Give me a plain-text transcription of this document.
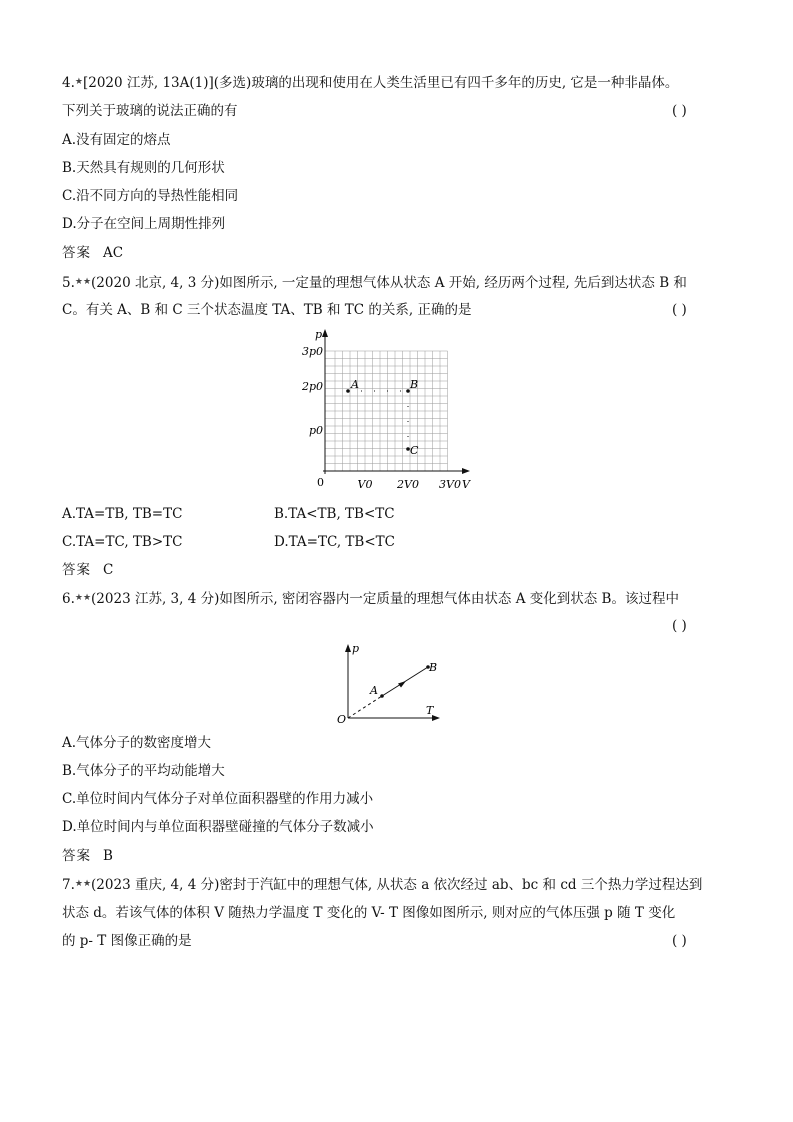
4.★[2020 江苏, 13A(1)](多选)玻璃的出现和使用在人类生活里已有四千多年的历史, 它是一种非晶体。
下列关于玻璃的说法正确的有	( )
A.没有固定的熔点
B.天然具有规则的几何形状
C.沿不同方向的导热性能相同
D.分子在空间上周期性排列
答案 AC
5.★★(2020 北京, 4, 3 分)如图所示, 一定量的理想气体从状态 A 开始, 经历两个过程, 先后到达状态 B 和
C。有关 A、B 和 C 三个状态温度 TA、TB 和 TC 的关系, 正确的是	( )
A	B
C
p
V
3p0
2p0
p0
0	V0 2V0 3V0
A.TA=TB, TB=TC	B.TA<TB, TB<TC
C.TA=TC, TB>TC	D.TA=TC, TB<TC
答案 C
6.★★(2023 江苏, 3, 4 分)如图所示, 密闭容器内一定质量的理想气体由状态 A 变化到状态 B。该过程中
( )
A
B
p
T
O
A.气体分子的数密度增大
B.气体分子的平均动能增大
C.单位时间内气体分子对单位面积器壁的作用力减小
D.单位时间内与单位面积器壁碰撞的气体分子数减小
答案 B
7.★★(2023 重庆, 4, 4 分)密封于汽缸中的理想气体, 从状态 a 依次经过 ab、bc 和 cd 三个热力学过程达到
状态 d。若该气体的体积 V 随热力学温度 T 变化的 V- T 图像如图所示, 则对应的气体压强 p 随 T 变化
的 p- T 图像正确的是	( )
